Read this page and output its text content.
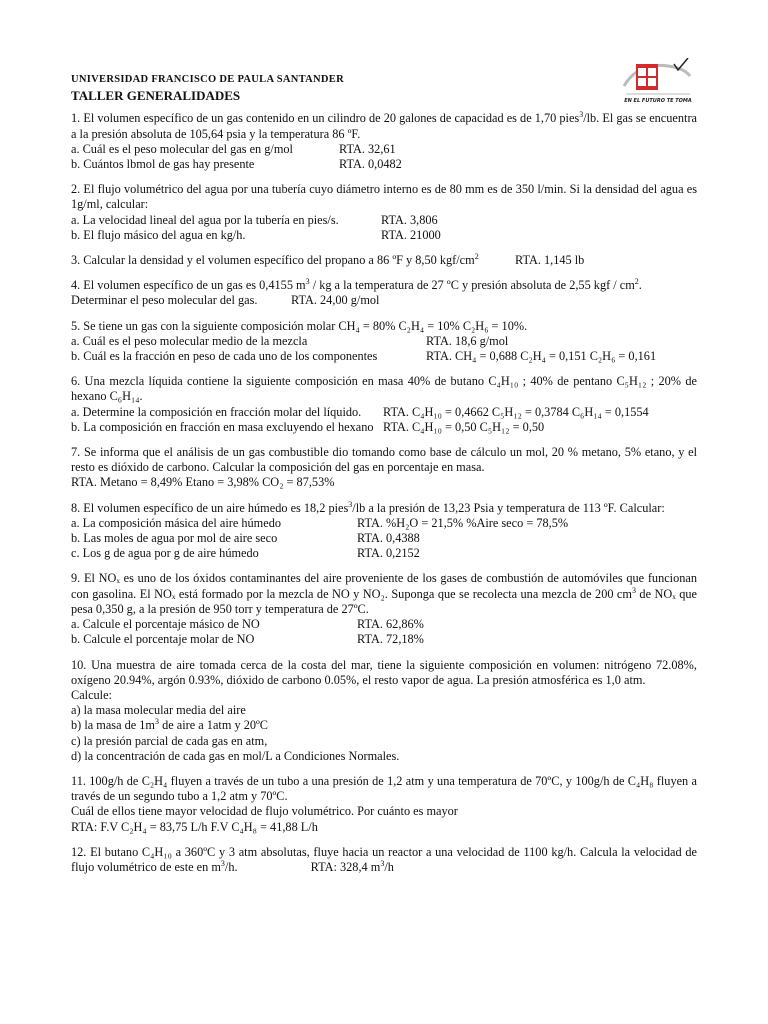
EN EL FUTURO TE TOMA
UNIVERSIDAD FRANCISCO DE PAULA SANTANDER
TALLER GENERALIDADES

1. El volumen específico de un gas contenido en un cilindro de 20 galones de capacidad es de 1,70 pies$^3$/lb. El gas se encuentra a la presión absoluta de 105,64 psia y la temperatura 86 ºF.

a. Cuál es el peso molecular del gas en g/mol	RTA. 32,61
b. Cuántos lbmol de gas hay presente	RTA. 0,0482

2. El flujo volumétrico del agua por una tubería cuyo diámetro interno es de 80 mm es de 350 l/min. Si la densidad del agua es 1g/ml, calcular:

a. La velocidad lineal del agua por la tubería en pies/s.	RTA. 3,806
b. El flujo másico del agua en kg/h.	RTA. 21000
3. Calcular la densidad y el volumen específico del propano a 86 ºF y 8,50 kgf/$cm^2$	RTA. 1,145 lb

4. El volumen específico de un gas es 0,4155 $m^3$ / kg a la temperatura de 27 ºC y presión absoluta de 2,55 kgf / $cm^2$.

Determinar el peso molecular del gas.	RTA. 24,00 g/mol

5. Se tiene un gas con la siguiente composición molar CH₄ = 80% C₂H₄ = 10% C₂H₆ = 10%.

a. Cuál es el peso molecular medio de la mezcla	RTA. 18,6 g/mol
b. Cuál es la fracción en peso de cada uno de los componentes	RTA. CH₄ = 0,688 C₂H₄ = 0,151 C₂H₆ = 0,161

6. Una mezcla líquida contiene la siguiente composición en masa 40% de butano C₄H₁₀ ; 40% de pentano C₅H₁₂ ; 20% de hexano C₆H₁₄.

a. Determine la composición en fracción molar del líquido.	RTA. C₄H₁₀ = 0,4662 C₅H₁₂ = 0,3784 C₆H₁₄ = 0,1554
b. La composición en fracción en masa excluyendo el hexano RTA. C₄H₁₀ = 0,50 C₅H₁₂ = 0,50

7. Se informa que el análisis de un gas combustible dio tomando como base de cálculo un mol, 20 % metano, 5% etano, y el resto es dióxido de carbono. Calcular la composición del gas en porcentaje en masa.

RTA. Metano = 8,49% Etano = 3,98% CO₂ = 87,53%

8. El volumen específico de un aire húmedo es 18,2 pies$^3$/lb a la presión de 13,23 Psia y temperatura de 113 ºF. Calcular:

a. La composición másica del aire húmedo	RTA. %H₂O = 21,5% %Aire seco = 78,5%
b. Las moles de agua por mol de aire seco	RTA. 0,4388
c. Los g de agua por g de aire húmedo	RTA. 0,2152

9. El NOₓ es uno de los óxidos contaminantes del aire proveniente de los gases de combustión de automóviles que funcionan con gasolina. El NOₓ está formado por la mezcla de NO y NO₂. Suponga que se recolecta una mezcla de 200 $cm^3$ de NOₓ que pesa 0,350 g, a la presión de 950 torr y temperatura de 27ºC.

a. Calcule el porcentaje másico de NO	RTA. 62,86%
b. Calcule el porcentaje molar de NO	RTA. 72,18%

10. Una muestra de aire tomada cerca de la costa del mar, tiene la siguiente composición en volumen: nitrógeno 72.08%, oxígeno 20.94%, argón 0.93%, dióxido de carbono 0.05%, el resto vapor de agua. La presión atmosférica es 1,0 atm.

Calcule:

a) la masa molecular media del aire

b) la masa de $1m^3$ de aire a 1atm y 20ºC

c) la presión parcial de cada gas en atm,

d) la concentración de cada gas en mol/L a Condiciones Normales.

11. 100g/h de C₂H₄ fluyen a través de un tubo a una presión de 1,2 atm y una temperatura de 70ºC, y 100g/h de C₄H₈ fluyen a través de un segundo tubo a 1,2 atm y 70ºC.

Cuál de ellos tiene mayor velocidad de flujo volumétrico. Por cuánto es mayor

RTA: F.V C₂H₄ = 83,75 L/h F.V C₄H₈ = 41,88 L/h

12. El butano C₄H₁₀ a 360ºC y 3 atm absolutas, fluye hacia un reactor a una velocidad de 1100 kg/h. Calcula la velocidad de flujo volumétrico de este en $m^3/h$.	RTA: 328,4 $m^3/h$
